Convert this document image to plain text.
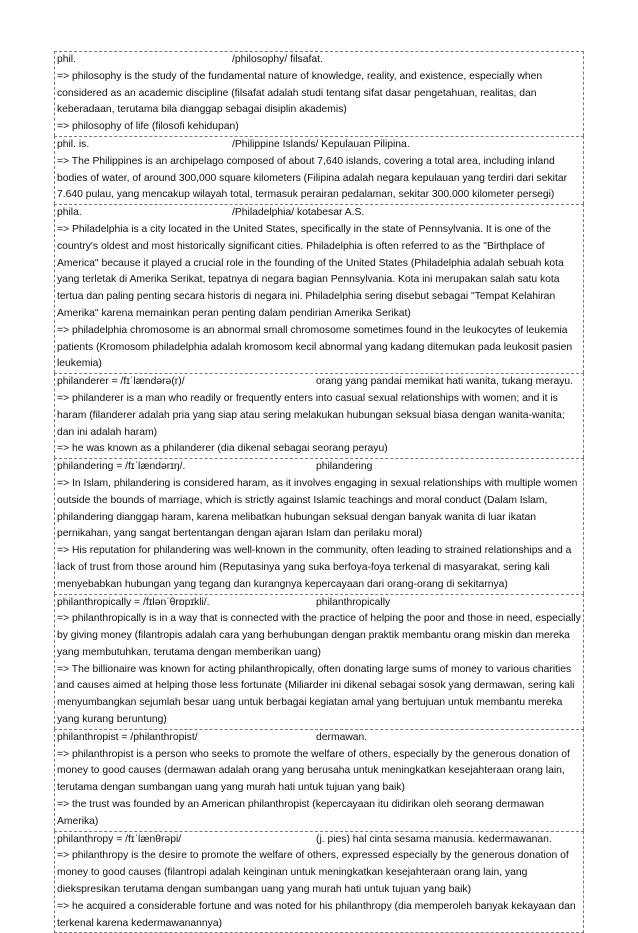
phil.	/philosophy/ filsafat.

=> philosophy is the study of the fundamental nature of knowledge, reality, and existence, especially when considered as an academic discipline (filsafat adalah studi tentang sifat dasar pengetahuan, realitas, dan keberadaan, terutama bila dianggap sebagai disiplin akademis)

=> philosophy of life (filosofi kehidupan)

phil. is.	/Philippine Islands/ Kepulauan Pilipina.

=> The Philippines is an archipelago composed of about 7,640 islands, covering a total area, including inland bodies of water, of around 300,000 square kilometers (Filipina adalah negara kepulauan yang terdiri dari sekitar 7.640 pulau, yang mencakup wilayah total, termasuk perairan pedalaman, sekitar 300.000 kilometer persegi)

phila.	/Philadelphia/ kotabesar A.S.

=> Philadelphia is a city located in the United States, specifically in the state of Pennsylvania. It is one of the country's oldest and most historically significant cities. Philadelphia is often referred to as the "Birthplace of America" because it played a crucial role in the founding of the United States (Philadelphia adalah sebuah kota yang terletak di Amerika Serikat, tepatnya di negara bagian Pennsylvania. Kota ini merupakan salah satu kota tertua dan paling penting secara historis di negara ini. Philadelphia sering disebut sebagai "Tempat Kelahiran Amerika" karena memainkan peran penting dalam pendirian Amerika Serikat)

=> philadelphia chromosome is an abnormal small chromosome sometimes found in the leukocytes of leukemia patients (Kromosom philadelphia adalah kromosom kecil abnormal yang kadang ditemukan pada leukosit pasien leukemia)

philanderer = /fɪˈlændərə(r)/	orang yang pandai memikat hati wanita, tukang merayu.

=> philanderer is a man who readily or frequently enters into casual sexual relationships with women; and it is haram (filanderer adalah pria yang siap atau sering melakukan hubungan seksual biasa dengan wanita-wanita; dan ini adalah haram)

=> he was known as a philanderer (dia dikenal sebagai seorang perayu)

philandering = /fɪˈlændərɪŋ/.	philandering

=> In Islam, philandering is considered haram, as it involves engaging in sexual relationships with multiple women outside the bounds of marriage, which is strictly against Islamic teachings and moral conduct (Dalam Islam, philandering dianggap haram, karena melibatkan hubungan seksual dengan banyak wanita di luar ikatan pernikahan, yang sangat bertentangan dengan ajaran Islam dan perilaku moral)

=> His reputation for philandering was well-known in the community, often leading to strained relationships and a lack of trust from those around him (Reputasinya yang suka berfoya-foya terkenal di masyarakat, sering kali menyebabkan hubungan yang tegang dan kurangnya kepercayaan dari orang-orang di sekitarnya)

philanthropically = /fɪlənˈθrɒpɪkli/.	philanthropically

=> philanthropically is in a way that is connected with the practice of helping the poor and those in need, especially by giving money (filantropis adalah cara yang berhubungan dengan praktik membantu orang miskin dan mereka yang membutuhkan, terutama dengan memberikan uang)

=> The billionaire was known for acting philanthropically, often donating large sums of money to various charities and causes aimed at helping those less fortunate (Miliarder ini dikenal sebagai sosok yang dermawan, sering kali menyumbangkan sejumlah besar uang untuk berbagai kegiatan amal yang bertujuan untuk membantu mereka yang kurang beruntung)

philanthropist = /philanthropist/	dermawan.

=> philanthropist is a person who seeks to promote the welfare of others, especially by the generous donation of money to good causes (dermawan adalah orang yang berusaha untuk meningkatkan kesejahteraan orang lain, terutama dengan sumbangan uang yang murah hati untuk tujuan yang baik)

=> the trust was founded by an American philanthropist (kepercayaan itu didirikan oleh seorang dermawan Amerika)

philanthropy = /fɪˈlænθrəpi/	(j. pies) hal cinta sesama manusia. kedermawanan.

=> philanthropy is the desire to promote the welfare of others, expressed especially by the generous donation of money to good causes (filantropi adalah keinginan untuk meningkatkan kesejahteraan orang lain, yang diekspresikan terutama dengan sumbangan uang yang murah hati untuk tujuan yang baik)

=> he acquired a considerable fortune and was noted for his philanthropy (dia memperoleh banyak kekayaan dan terkenal karena kedermawanannya)
